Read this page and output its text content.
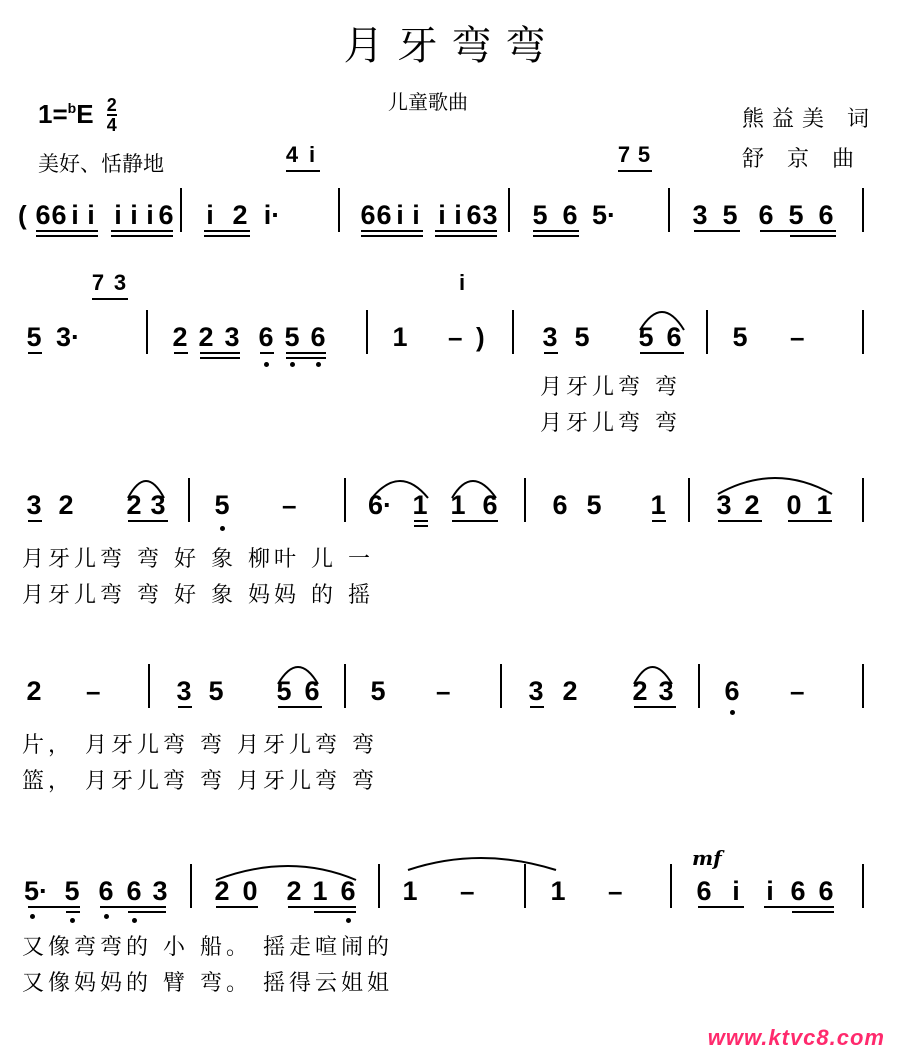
月牙弯弯
儿童歌曲
$1=^bE \frac{2}{4}$
美好、恬静地
熊益美 词
舒 京 曲
( 6 6 i i i i i 6 i 2 i·
4 i
6 6 i i i i 6 3 5 6 5·
7 5
3 5 6 5 6
5 3·
7 3
2 2 3 6 5 6 1 – )
i
3 5 5 6 5 –
月牙儿弯 弯
月牙儿弯 弯
3 2 2 3 5 –	6· 1 1 6 6 5 1 3 2 0 1
月牙儿弯 弯 好 象 柳叶 儿 一
月牙儿弯 弯 好 象 妈妈 的 摇
2 –	3 5 5 6 5 –	3 2 2 3 6 –
片， 月牙儿弯 弯 月牙儿弯 弯
篮， 月牙儿弯 弯 月牙儿弯 弯
5· 5 6 6 3 2 0 2 1 6 1 –	1 –
mf
6 i i 6 6
又像弯弯的 小 船。 摇走喧闹的
又像妈妈的 臂 弯。 摇得云姐姐
www.ktvc8.com
